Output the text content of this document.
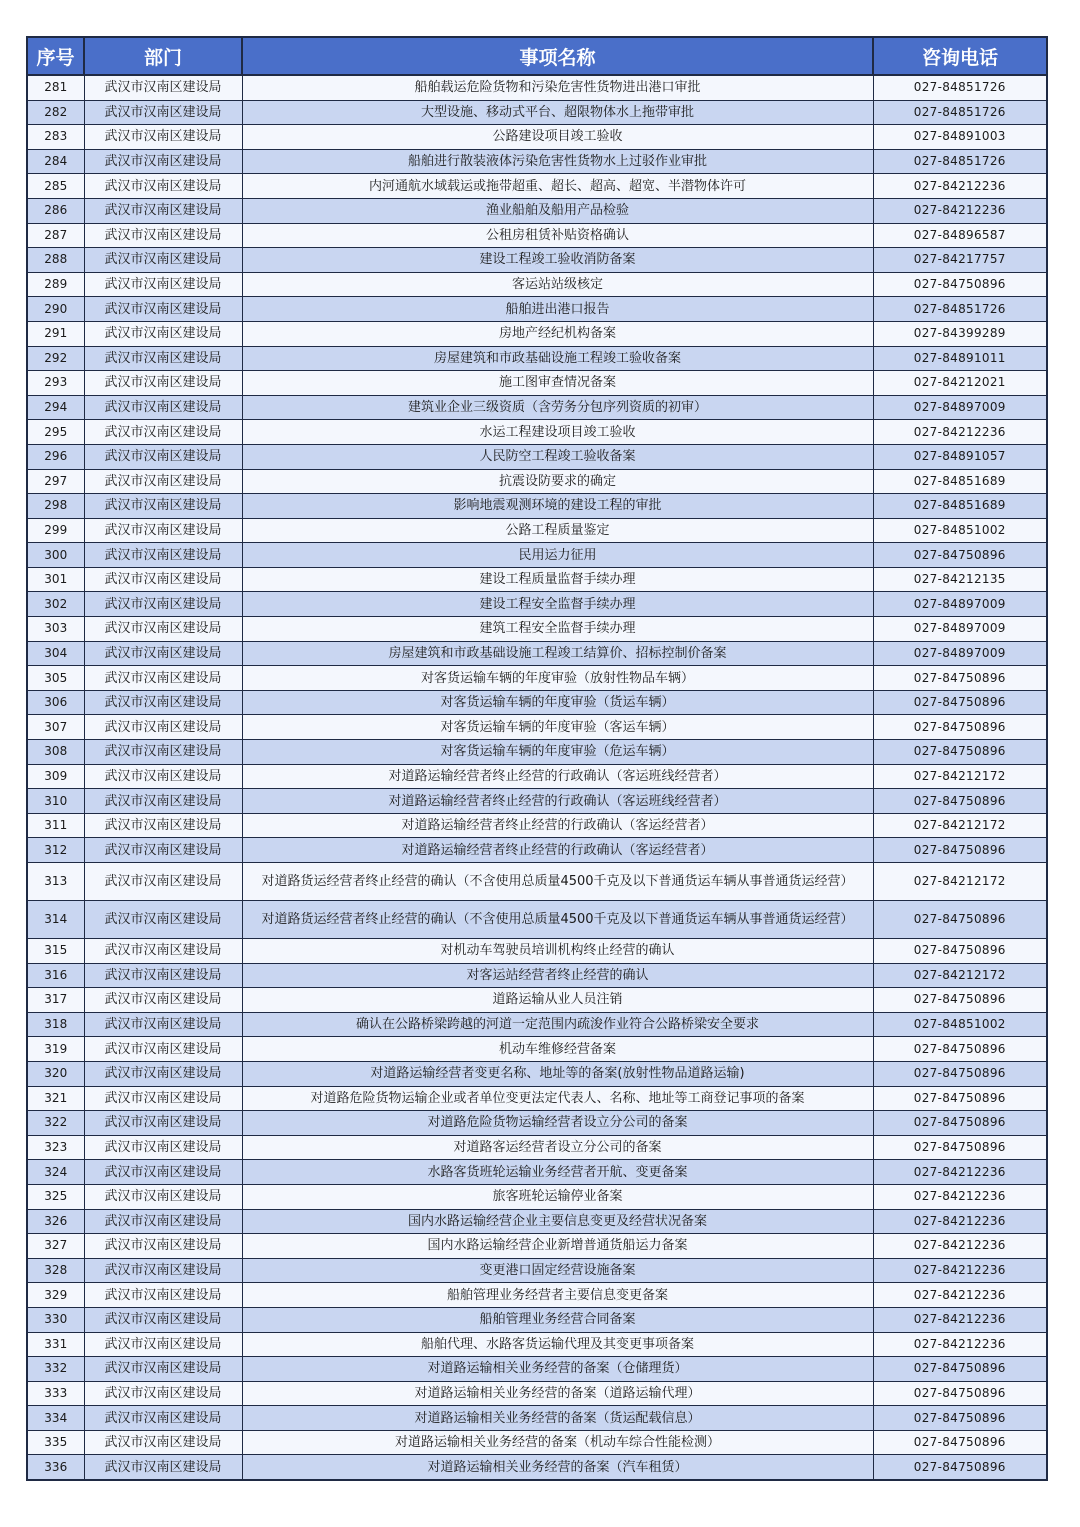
序号	部门	事项名称	咨询电话
281	武汉市汉南区建设局	船舶载运危险货物和污染危害性货物进出港口审批	027-84851726
282	武汉市汉南区建设局	大型设施、移动式平台、超限物体水上拖带审批	027-84851726
283	武汉市汉南区建设局	公路建设项目竣工验收	027-84891003
284	武汉市汉南区建设局	船舶进行散装液体污染危害性货物水上过驳作业审批	027-84851726
285	武汉市汉南区建设局	内河通航水域载运或拖带超重、超长、超高、超宽、半潜物体许可	027-84212236
286	武汉市汉南区建设局	渔业船舶及船用产品检验	027-84212236
287	武汉市汉南区建设局	公租房租赁补贴资格确认	027-84896587
288	武汉市汉南区建设局	建设工程竣工验收消防备案	027-84217757
289	武汉市汉南区建设局	客运站站级核定	027-84750896
290	武汉市汉南区建设局	船舶进出港口报告	027-84851726
291	武汉市汉南区建设局	房地产经纪机构备案	027-84399289
292	武汉市汉南区建设局	房屋建筑和市政基础设施工程竣工验收备案	027-84891011
293	武汉市汉南区建设局	施工图审查情况备案	027-84212021
294	武汉市汉南区建设局	建筑业企业三级资质（含劳务分包序列资质的初审）	027-84897009
295	武汉市汉南区建设局	水运工程建设项目竣工验收	027-84212236
296	武汉市汉南区建设局	人民防空工程竣工验收备案	027-84891057
297	武汉市汉南区建设局	抗震设防要求的确定	027-84851689
298	武汉市汉南区建设局	影响地震观测环境的建设工程的审批	027-84851689
299	武汉市汉南区建设局	公路工程质量鉴定	027-84851002
300	武汉市汉南区建设局	民用运力征用	027-84750896
301	武汉市汉南区建设局	建设工程质量监督手续办理	027-84212135
302	武汉市汉南区建设局	建设工程安全监督手续办理	027-84897009
303	武汉市汉南区建设局	建筑工程安全监督手续办理	027-84897009
304	武汉市汉南区建设局	房屋建筑和市政基础设施工程竣工结算价、招标控制价备案	027-84897009
305	武汉市汉南区建设局	对客货运输车辆的年度审验（放射性物品车辆）	027-84750896
306	武汉市汉南区建设局	对客货运输车辆的年度审验（货运车辆）	027-84750896
307	武汉市汉南区建设局	对客货运输车辆的年度审验（客运车辆）	027-84750896
308	武汉市汉南区建设局	对客货运输车辆的年度审验（危运车辆）	027-84750896
309	武汉市汉南区建设局	对道路运输经营者终止经营的行政确认（客运班线经营者）	027-84212172
310	武汉市汉南区建设局	对道路运输经营者终止经营的行政确认（客运班线经营者）	027-84750896
311	武汉市汉南区建设局	对道路运输经营者终止经营的行政确认（客运经营者）	027-84212172
312	武汉市汉南区建设局	对道路运输经营者终止经营的行政确认（客运经营者）	027-84750896
313	武汉市汉南区建设局	对道路货运经营者终止经营的确认（不含使用总质量4500千克及以下普通货运车辆从事普通货运经营）	027-84212172
314	武汉市汉南区建设局	对道路货运经营者终止经营的确认（不含使用总质量4500千克及以下普通货运车辆从事普通货运经营）	027-84750896
315	武汉市汉南区建设局	对机动车驾驶员培训机构终止经营的确认	027-84750896
316	武汉市汉南区建设局	对客运站经营者终止经营的确认	027-84212172
317	武汉市汉南区建设局	道路运输从业人员注销	027-84750896
318	武汉市汉南区建设局	确认在公路桥梁跨越的河道一定范围内疏浚作业符合公路桥梁安全要求	027-84851002
319	武汉市汉南区建设局	机动车维修经营备案	027-84750896
320	武汉市汉南区建设局	对道路运输经营者变更名称、地址等的备案(放射性物品道路运输)	027-84750896
321	武汉市汉南区建设局	对道路危险货物运输企业或者单位变更法定代表人、名称、地址等工商登记事项的备案	027-84750896
322	武汉市汉南区建设局	对道路危险货物运输经营者设立分公司的备案	027-84750896
323	武汉市汉南区建设局	对道路客运经营者设立分公司的备案	027-84750896
324	武汉市汉南区建设局	水路客货班轮运输业务经营者开航、变更备案	027-84212236
325	武汉市汉南区建设局	旅客班轮运输停业备案	027-84212236
326	武汉市汉南区建设局	国内水路运输经营企业主要信息变更及经营状况备案	027-84212236
327	武汉市汉南区建设局	国内水路运输经营企业新增普通货船运力备案	027-84212236
328	武汉市汉南区建设局	变更港口固定经营设施备案	027-84212236
329	武汉市汉南区建设局	船舶管理业务经营者主要信息变更备案	027-84212236
330	武汉市汉南区建设局	船舶管理业务经营合同备案	027-84212236
331	武汉市汉南区建设局	船舶代理、水路客货运输代理及其变更事项备案	027-84212236
332	武汉市汉南区建设局	对道路运输相关业务经营的备案（仓储理货）	027-84750896
333	武汉市汉南区建设局	对道路运输相关业务经营的备案（道路运输代理）	027-84750896
334	武汉市汉南区建设局	对道路运输相关业务经营的备案（货运配载信息）	027-84750896
335	武汉市汉南区建设局	对道路运输相关业务经营的备案（机动车综合性能检测）	027-84750896
336	武汉市汉南区建设局	对道路运输相关业务经营的备案（汽车租赁）	027-84750896
